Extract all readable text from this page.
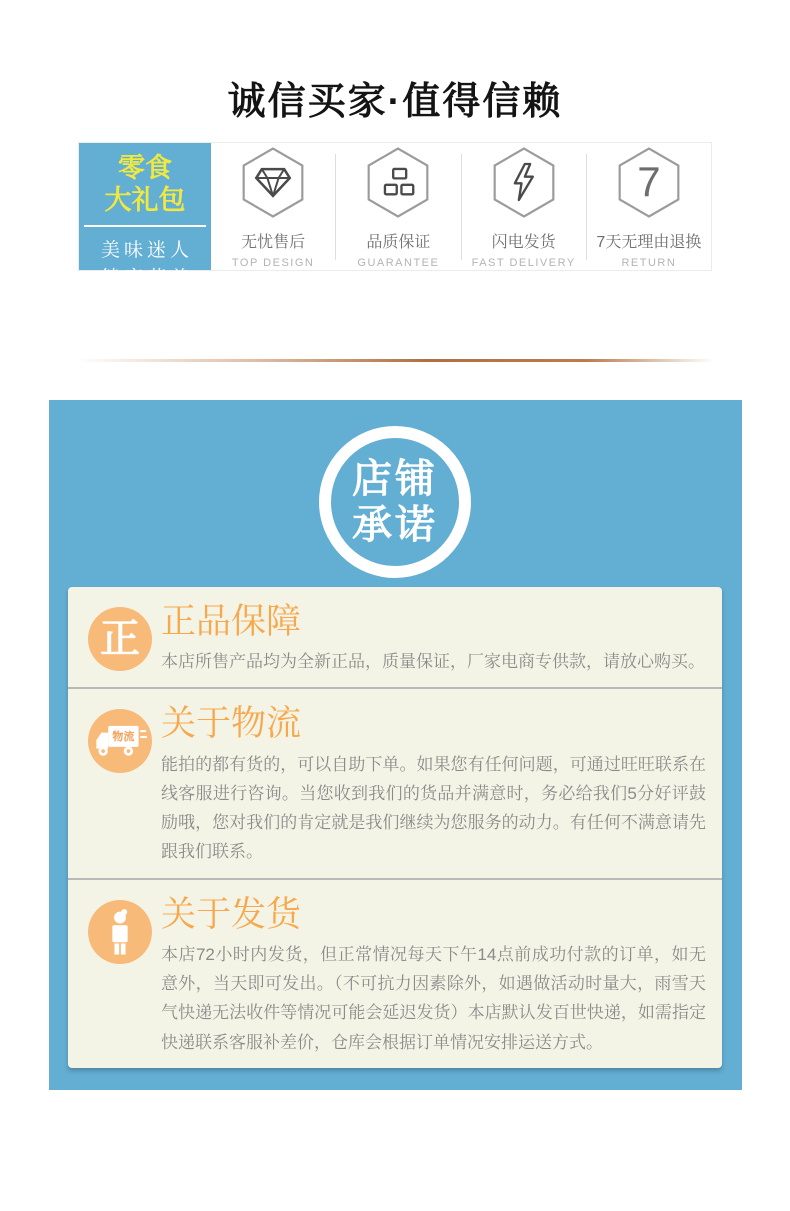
诚信买家·值得信赖
零食
大礼包
美味迷人
健康营养
无忧售后
TOP DESIGN
品质保证
GUARANTEE
闪电发货
FAST DELIVERY
7
7天无理由退换
RETURN
店铺
承诺
正 正品保障
本店所售产品均为全新正品，质量保证，厂家电商专供款，请放心购买。
物流 关于物流
能拍的都有货的，可以自助下单。如果您有任何问题，可通过旺旺联系在线客服进行咨询。当您收到我们的货品并满意时，务必给我们5分好评鼓励哦，您对我们的肯定就是我们继续为您服务的动力。有任何不满意请先跟我们联系。
关于发货
本店72小时内发货，但正常情况每天下午14点前成功付款的订单，如无意外，当天即可发出。（不可抗力因素除外，如遇做活动时量大，雨雪天气快递无法收件等情况可能会延迟发货）本店默认发百世快递，如需指定快递联系客服补差价，仓库会根据订单情况安排运送方式。
